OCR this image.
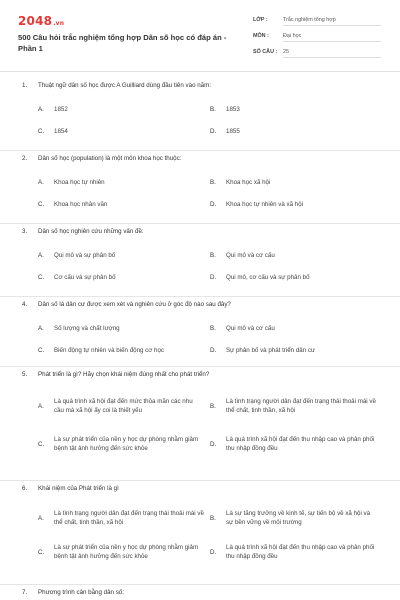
2048.vn
500 Câu hỏi trắc nghiệm tổng hợp Dân số học có đáp án - Phần 1
LỚP :	Trắc nghiệm tổng hợp
MÔN :	Đại học
SỐ CÂU :	25
1. Thuật ngữ dân số học được A Guilliard dùng đầu tiên vào năm:
A.	1852	B.	1853
C.	1854	D.	1855
2. Dân số học (population) là một môn khoa học thuộc:
A.	Khoa học tự nhiên	B.	Khoa học xã hội
C.	Khoa học nhân văn	D.	Khoa học tự nhiên và xã hội
3. Dân số học nghiên cứu những vấn đề:
A.	Qui mô và sự phân bố	B.	Qui mô và cơ cấu
C.	Cơ cấu và sự phân bố	D.	Qui mô, cơ cấu và sự phân bố
4. Dân số là dân cư được xem xét và nghiên cứu ở góc độ nào sau đây?
A.	Số lượng và chất lượng	B.	Qui mô và cơ cấu
C.	Biến động tự nhiên và biến động cơ học	D.	Sự phân bố và phát triển dân cư
5. Phát triển là gì? Hãy chọn khái niệm đúng nhất cho phát triển?
A.
Là quá trình xã hội đạt đến mức thỏa mãn các nhu cầu mà xã hội ấy coi là thiết yếu
B.
Là tình trạng người dân đạt đến trạng thái thoải mái về thể chất, tinh thần, xã hội
C.
Là sự phát triển của nền y học dự phòng nhằm giảm bệnh tật ảnh hưởng đến sức khỏe
D.
Là quá trình xã hội đạt đến thu nhập cao và phân phối thu nhập đồng đều
6. Khái niệm của Phát triển là gì
A.
Là tình trạng người dân đạt đến trạng thái thoải mái về thể chất, tinh thần, xã hội
B.
Là sự tăng trưởng về kinh tế, sự tiến bộ về xã hội và sự bền vững về môi trường
C.
Là sự phát triển của nền y học dự phòng nhằm giảm bệnh tật ảnh hưởng đến sức khỏe
D.
Là quá trình xã hội đạt đến thu nhập cao và phân phối thu nhập đồng đều
7. Phương trình cân bằng dân số:
